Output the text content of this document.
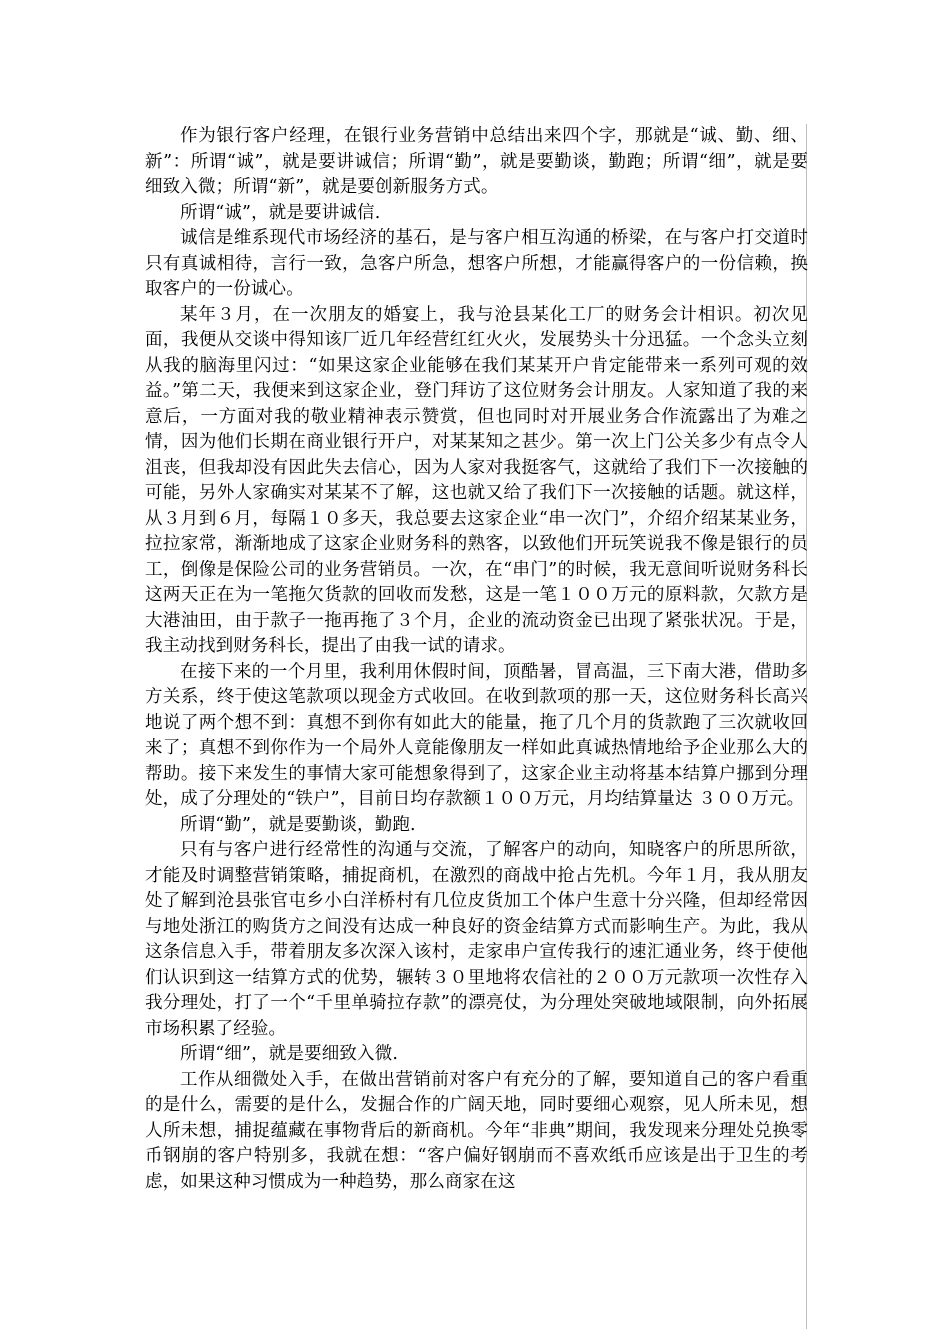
作为银行客户经理，在银行业务营销中总结出来四个字，那就是“诚、勤、细、新”：所谓“诚”，就是要讲诚信；所谓“勤”，就是要勤谈，勤跑；所谓“细”，就是要细致入微；所谓“新”，就是要创新服务方式。

所谓“诚”，就是要讲诚信.

诚信是维系现代市场经济的基石，是与客户相互沟通的桥梁，在与客户打交道时只有真诚相待，言行一致，急客户所急，想客户所想，才能赢得客户的一份信赖，换取客户的一份诚心。

某年３月，在一次朋友的婚宴上，我与沧县某化工厂的财务会计相识。初次见面，我便从交谈中得知该厂近几年经营红红火火，发展势头十分迅猛。一个念头立刻从我的脑海里闪过：“如果这家企业能够在我们某某开户肯定能带来一系列可观的效益。”第二天，我便来到这家企业，登门拜访了这位财务会计朋友。人家知道了我的来意后，一方面对我的敬业精神表示赞赏，但也同时对开展业务合作流露出了为难之情，因为他们长期在商业银行开户，对某某知之甚少。第一次上门公关多少有点令人沮丧，但我却没有因此失去信心，因为人家对我挺客气，这就给了我们下一次接触的可能，另外人家确实对某某不了解，这也就又给了我们下一次接触的话题。就这样，从３月到６月，每隔１０多天，我总要去这家企业“串一次门”，介绍介绍某某业务，拉拉家常，渐渐地成了这家企业财务科的熟客，以致他们开玩笑说我不像是银行的员工，倒像是保险公司的业务营销员。一次，在“串门”的时候，我无意间听说财务科长这两天正在为一笔拖欠货款的回收而发愁，这是一笔１００万元的原料款，欠款方是大港油田，由于款子一拖再拖了３个月，企业的流动资金已出现了紧张状况。于是，我主动找到财务科长，提出了由我一试的请求。

在接下来的一个月里，我利用休假时间，顶酷暑，冒高温，三下南大港，借助多方关系，终于使这笔款项以现金方式收回。在收到款项的那一天，这位财务科长高兴地说了两个想不到：真想不到你有如此大的能量，拖了几个月的货款跑了三次就收回来了；真想不到你作为一个局外人竟能像朋友一样如此真诚热情地给予企业那么大的帮助。接下来发生的事情大家可能想象得到了，这家企业主动将基本结算户挪到分理处，成了分理处的“铁户”，目前日均存款额１００万元，月均结算量达 ３００万元。

所谓“勤”，就是要勤谈，勤跑.

只有与客户进行经常性的沟通与交流，了解客户的动向，知晓客户的所思所欲，才能及时调整营销策略，捕捉商机，在激烈的商战中抢占先机。今年１月，我从朋友处了解到沧县张官屯乡小白洋桥村有几位皮货加工个体户生意十分兴隆，但却经常因与地处浙江的购货方之间没有达成一种良好的资金结算方式而影响生产。为此，我从这条信息入手，带着朋友多次深入该村，走家串户宣传我行的速汇通业务，终于使他们认识到这一结算方式的优势，辗转３０里地将农信社的２００万元款项一次性存入我分理处，打了一个“千里单骑拉存款”的漂亮仗，为分理处突破地域限制，向外拓展市场积累了经验。

所谓“细”，就是要细致入微.

工作从细微处入手，在做出营销前对客户有充分的了解，要知道自己的客户看重的是什么，需要的是什么，发掘合作的广阔天地，同时要细心观察，见人所未见，想人所未想，捕捉蕴藏在事物背后的新商机。今年“非典”期间，我发现来分理处兑换零币钢崩的客户特别多，我就在想：“客户偏好钢崩而不喜欢纸币应该是出于卫生的考虑，如果这种习惯成为一种趋势，那么商家在这
